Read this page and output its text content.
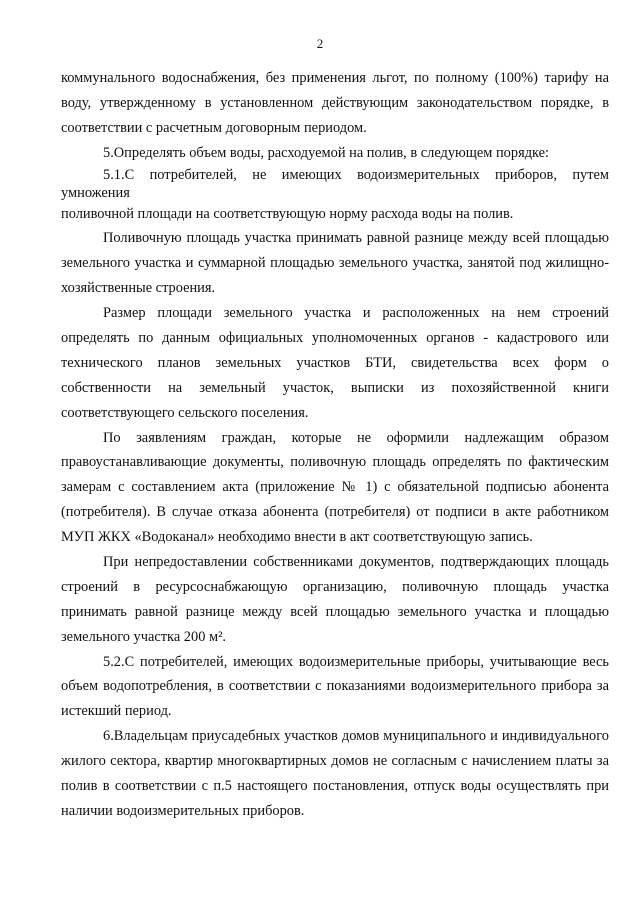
2
коммунального водоснабжения, без применения льгот, по полному (100%) тарифу на
воду, утвержденному в установленном действующим законодательством порядке, в
соответствии с расчетным договорным периодом.
5.Определять объем воды, расходуемой на полив, в следующем порядке:
5.1.С потребителей, не имеющих водоизмерительных приборов, путем
умножения
поливочной площади на соответствующую норму расхода воды на полив.
Поливочную площадь участка принимать равной разнице между всей площадью
земельного участка и суммарной площадью земельного участка, занятой под жилищно-
хозяйственные строения.
Размер площади земельного участка и расположенных на нем строений
определять по данным официальных уполномоченных органов - кадастрового или
технического планов земельных участков БТИ, свидетельства всех форм о
собственности на земельный участок, выписки из похозяйственной книги
соответствующего сельского поселения.
По заявлениям граждан, которые не оформили надлежащим образом
правоустанавливающие документы, поливочную площадь определять по фактическим
замерам с составлением акта (приложение № 1) с обязательной подписью абонента
(потребителя). В случае отказа абонента (потребителя) от подписи в акте работником
МУП ЖКХ «Водоканал» необходимо внести в акт соответствующую запись.
При непредоставлении собственниками документов, подтверждающих площадь
строений в ресурсоснабжающую организацию, поливочную площадь участка
принимать равной разнице между всей площадью земельного участка и площадью
земельного участка 200 м².
5.2.С потребителей, имеющих водоизмерительные приборы, учитывающие весь
объем водопотребления, в соответствии с показаниями водоизмерительного прибора за
истекший период.
6.Владельцам приусадебных участков домов муниципального и индивидуального
жилого сектора, квартир многоквартирных домов не согласным с начислением платы за
полив в соответствии с п.5 настоящего постановления, отпуск воды осуществлять при
наличии водоизмерительных приборов.
